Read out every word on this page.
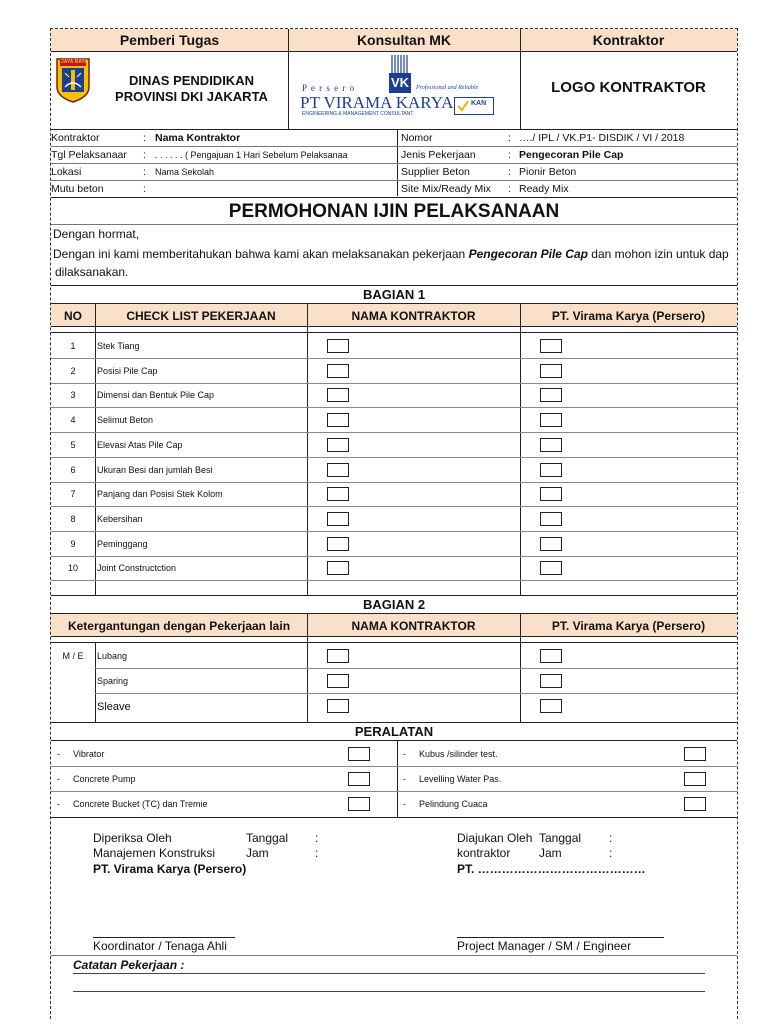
Pemberi Tugas	Konsultan MK	Kontraktor
JAYA RAYA
DINAS PENDIDIKAN
PROVINSI DKI JAKARTA
VK
P e r s e r o	Professional and Reliable
PT VIRAMA KARYA
ENGINEERING & MANAGEMENT CONSULTANT
KAN
LOGO KONTRAKTOR
PERMOHONAN IJIN PELAKSANAAN
Dengan hormat,
Dengan ini kami memberitahukan bahwa kami akan melaksanakan pekerjaan Pengecoran Pile Cap dan mohon izin untuk dap
dilaksanakan.
BAGIAN 1
NO	CHECK LIST PEKERJAAN	NAMA KONTRAKTOR	PT. Virama Karya (Persero)
BAGIAN 2
Ketergantungan dengan Pekerjaan lain	NAMA KONTRAKTOR	PT. Virama Karya (Persero)
PERALATAN
Diperiksa Oleh	Tanggal :
Manajemen Konstruksi	Jam	:
PT. Virama Karya (Persero)
Diajukan Oleh Tanggal :
kontraktor Jam	:
PT. ……………………………………
Koordinator / Tenaga Ahli	Project Manager / SM / Engineer
Catatan Pekerjaan :
Kontraktor	: Nama Kontraktor
Tgl Pelaksanaar : . . . . . . ( Pengajuan 1 Hari Sebelum Pelaksanaa
Lokasi	: Nama Sekolah
Mutu beton	:
Nomor	: …./ IPL / VK.P1- DISDIK / VI / 2018
Jenis Pekerjaan	: Pengecoran Pile Cap
Supplier Beton	: Pionir Beton
Site Mix/Ready Mix : Ready Mix
1	Stek Tiang
2	Posisi Pile Cap
3	Dimensi dan Bentuk Pile Cap
4	Selimut Beton
5	Elevasi Atas Pile Cap
6	Ukuran Besi dan jumlah Besi
7	Panjang dan Posisi Stek Kolom
8	Kebersihan
9	Peminggang
10	Joint Constructction
M / E	Lubang
Sparing
Sleave
- Vibrator	- Kubus /silinder test.
- Concrete Pump	- Levelling Water Pas.
- Concrete Bucket (TC) dan Tremie	- Pelindung Cuaca
